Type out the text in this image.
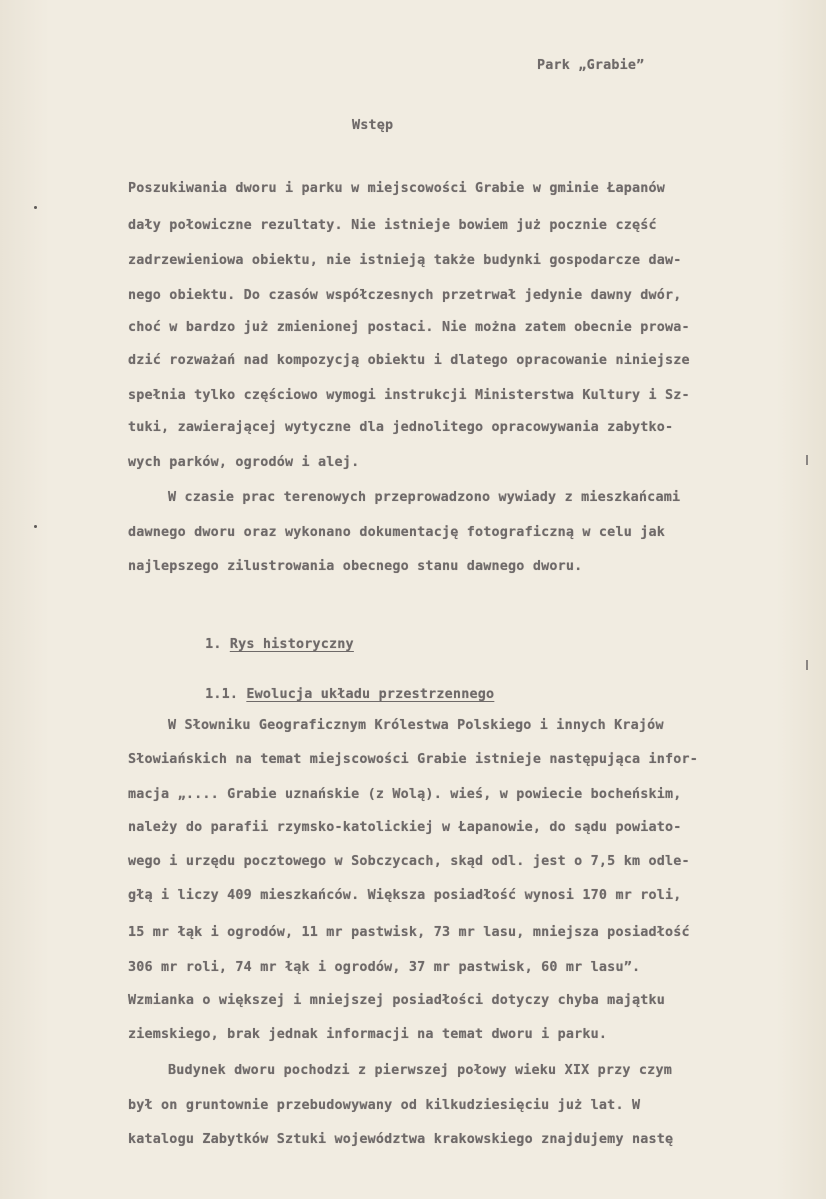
Park „Grabie”
Wstęp
Poszukiwania dworu i parku w miejscowości Grabie w gminie Łapanów
dały połowiczne rezultaty. Nie istnieje bowiem już pocznie część
zadrzewieniowa obiektu, nie istnieją także budynki gospodarcze daw-
nego obiektu. Do czasów współczesnych przetrwał jedynie dawny dwór,
choć w bardzo już zmienionej postaci. Nie można zatem obecnie prowa-
dzić rozważań nad kompozycją obiektu i dlatego opracowanie niniejsze
spełnia tylko częściowo wymogi instrukcji Ministerstwa Kultury i Sz-
tuki, zawierającej wytyczne dla jednolitego opracowywania zabytko-
wych parków, ogrodów i alej.
W czasie prac terenowych przeprowadzono wywiady z mieszkańcami
dawnego dworu oraz wykonano dokumentację fotograficzną w celu jak
najlepszego zilustrowania obecnego stanu dawnego dworu.

1. Rys historyczny

1.1. Ewolucja układu przestrzennego

W Słowniku Geograficznym Królestwa Polskiego i innych Krajów
Słowiańskich na temat miejscowości Grabie istnieje następująca infor-
macja „.... Grabie uznańskie (z Wolą). wieś, w powiecie bocheńskim,
należy do parafii rzymsko-katolickiej w Łapanowie, do sądu powiato-
wego i urzędu pocztowego w Sobczycach, skąd odl. jest o 7,5 km odle-
głą i liczy 409 mieszkańców. Większa posiadłość wynosi 170 mr roli,
15 mr łąk i ogrodów, 11 mr pastwisk, 73 mr lasu, mniejsza posiadłość
306 mr roli, 74 mr łąk i ogrodów, 37 mr pastwisk, 60 mr lasu”.
Wzmianka o większej i mniejszej posiadłości dotyczy chyba majątku
ziemskiego, brak jednak informacji na temat dworu i parku.
Budynek dworu pochodzi z pierwszej połowy wieku XIX przy czym
był on gruntownie przebudowywany od kilkudziesięciu już lat. W
katalogu Zabytków Sztuki województwa krakowskiego znajdujemy nastę
